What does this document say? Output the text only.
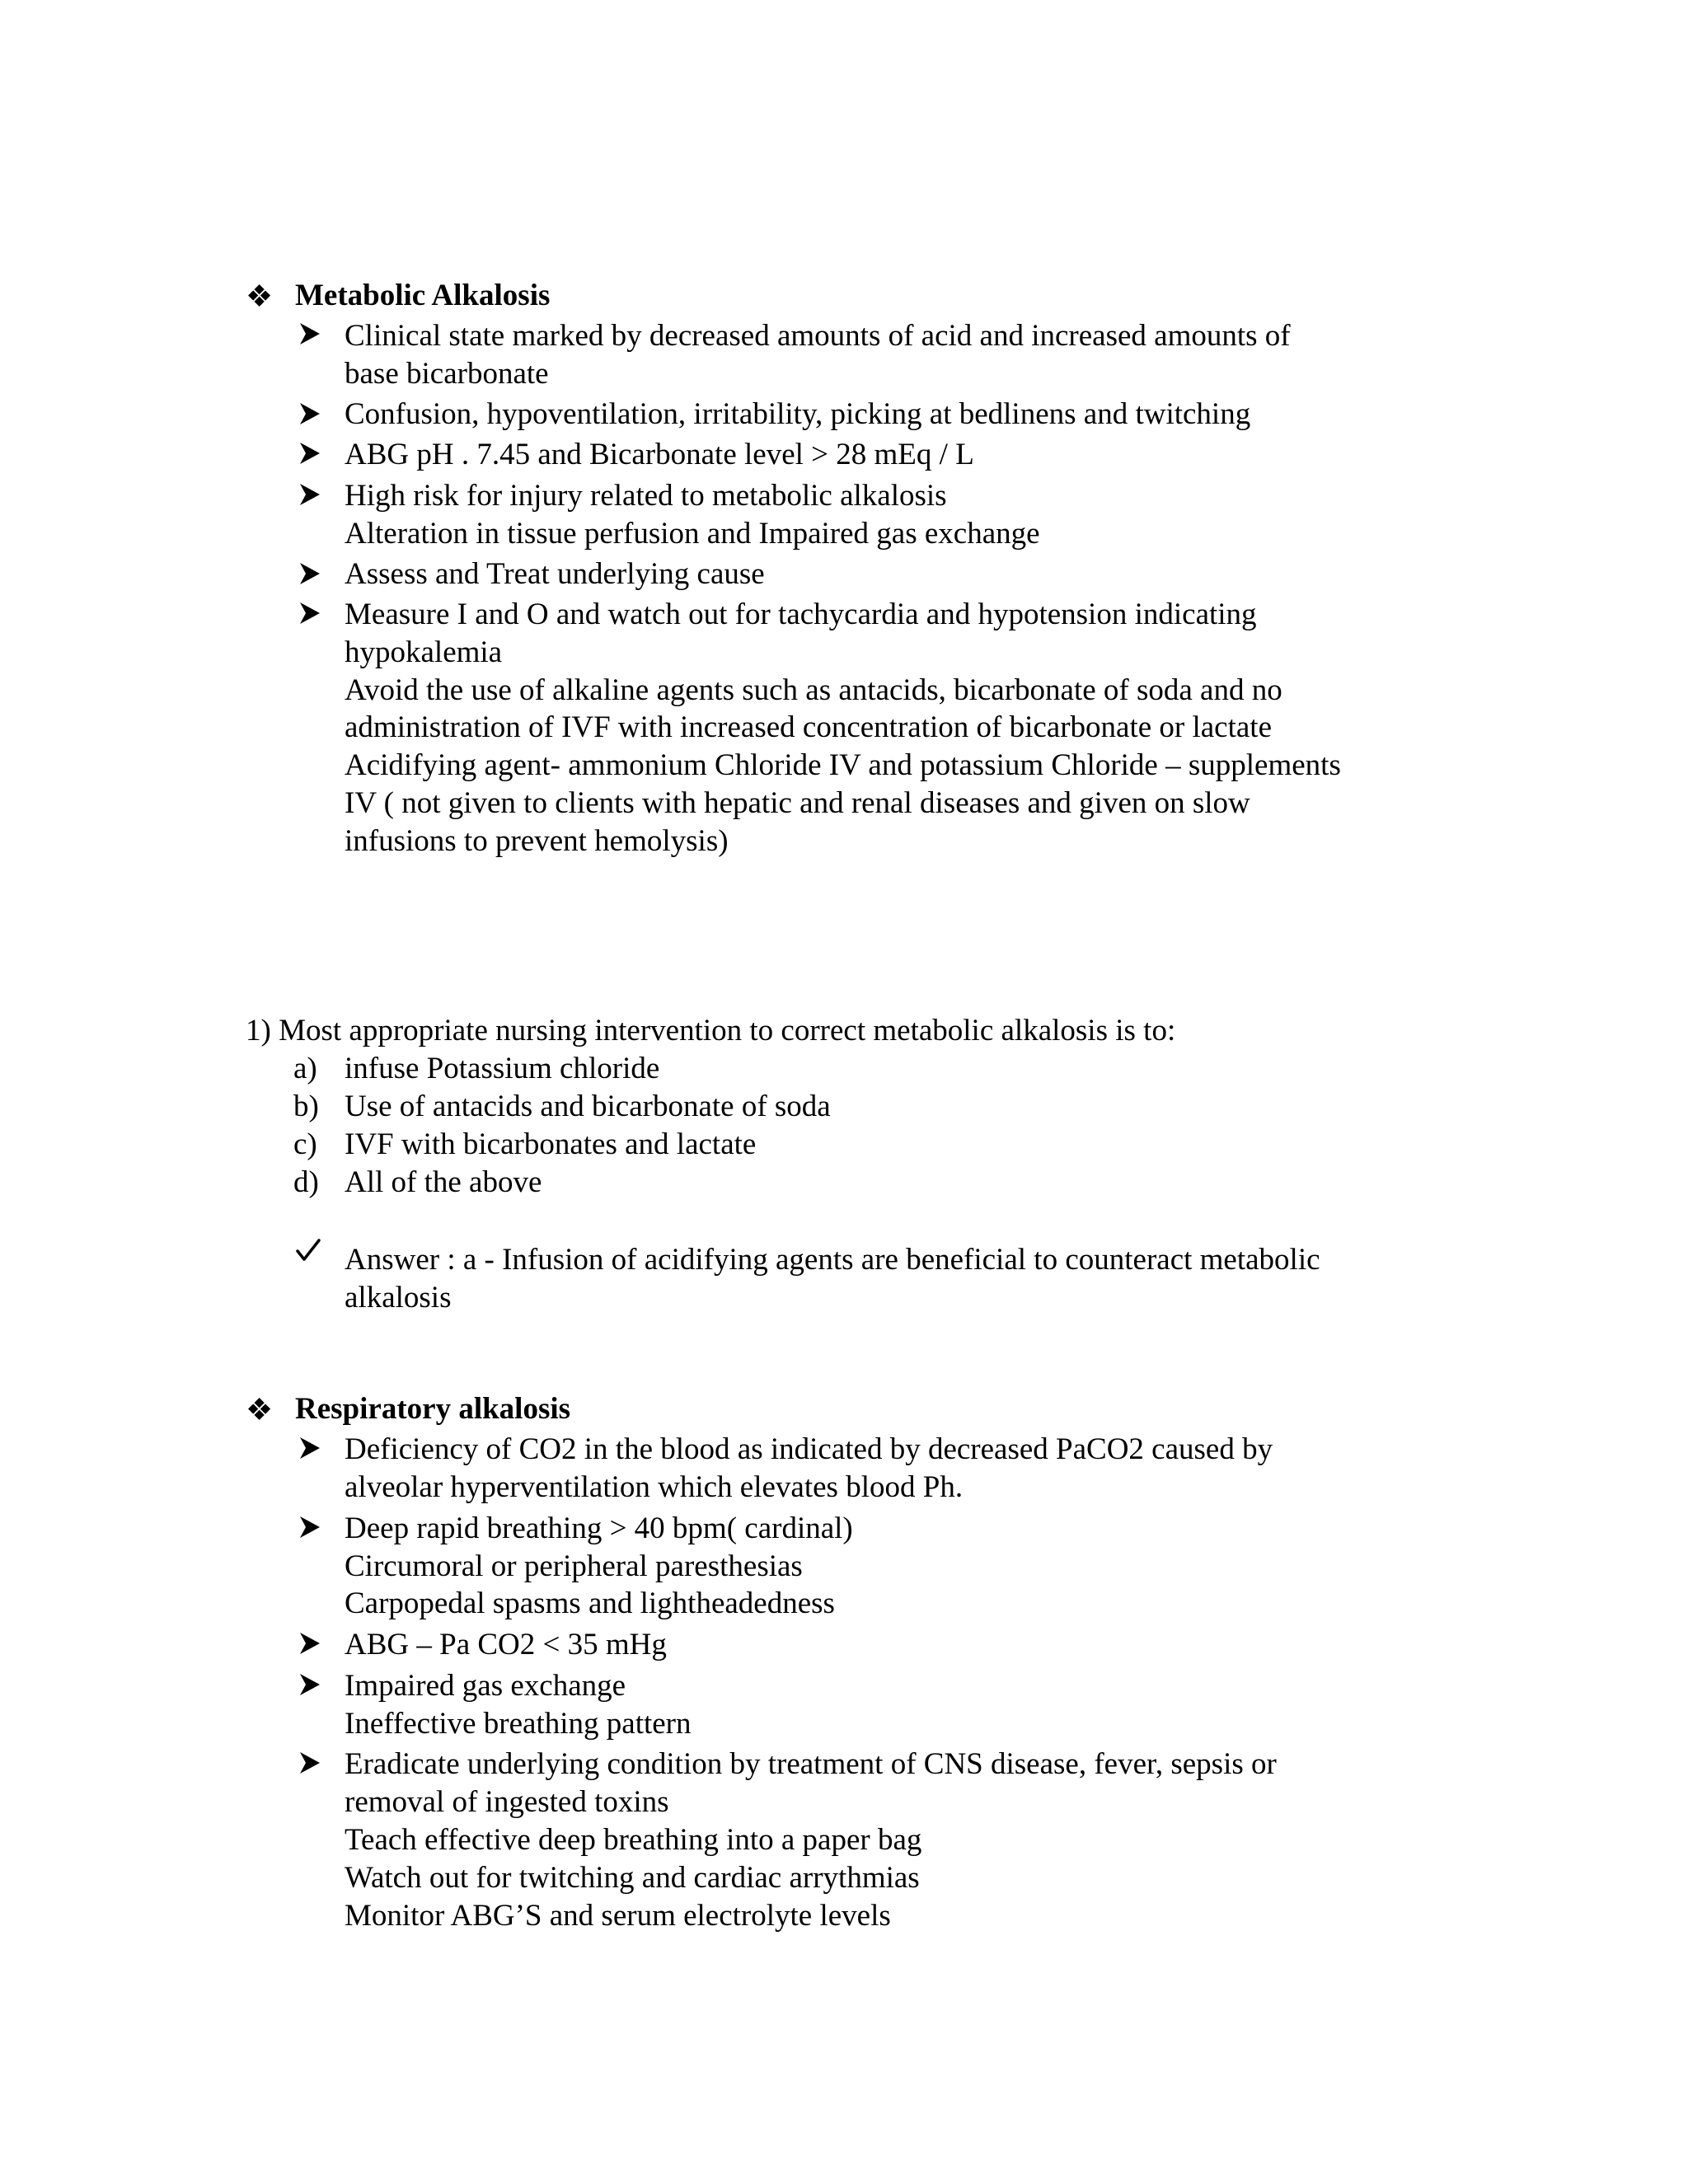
❖ Metabolic Alkalosis
Clinical state marked by decreased amounts of acid and increased amounts of
base bicarbonate
Confusion, hypoventilation, irritability, picking at bedlinens and twitching
ABG pH . 7.45 and Bicarbonate level > 28 mEq / L
High risk for injury related to metabolic alkalosis
Alteration in tissue perfusion and Impaired gas exchange
Assess and Treat underlying cause
Measure I and O and watch out for tachycardia and hypotension indicating
hypokalemia
Avoid the use of alkaline agents such as antacids, bicarbonate of soda and no
administration of IVF with increased concentration of bicarbonate or lactate
Acidifying agent- ammonium Chloride IV and potassium Chloride – supplements
IV ( not given to clients with hepatic and renal diseases and given on slow
infusions to prevent hemolysis)
1) Most appropriate nursing intervention to correct metabolic alkalosis is to:
a) infuse Potassium chloride
b) Use of antacids and bicarbonate of soda
c) IVF with bicarbonates and lactate
d) All of the above
Answer : a - Infusion of acidifying agents are beneficial to counteract metabolic
alkalosis
❖ Respiratory alkalosis
Deficiency of CO2 in the blood as indicated by decreased PaCO2 caused by
alveolar hyperventilation which elevates blood Ph.
Deep rapid breathing > 40 bpm( cardinal)
Circumoral or peripheral paresthesias
Carpopedal spasms and lightheadedness
ABG – Pa CO2 < 35 mHg
Impaired gas exchange
Ineffective breathing pattern
Eradicate underlying condition by treatment of CNS disease, fever, sepsis or
removal of ingested toxins
Teach effective deep breathing into a paper bag
Watch out for twitching and cardiac arrythmias
Monitor ABG’S and serum electrolyte levels
